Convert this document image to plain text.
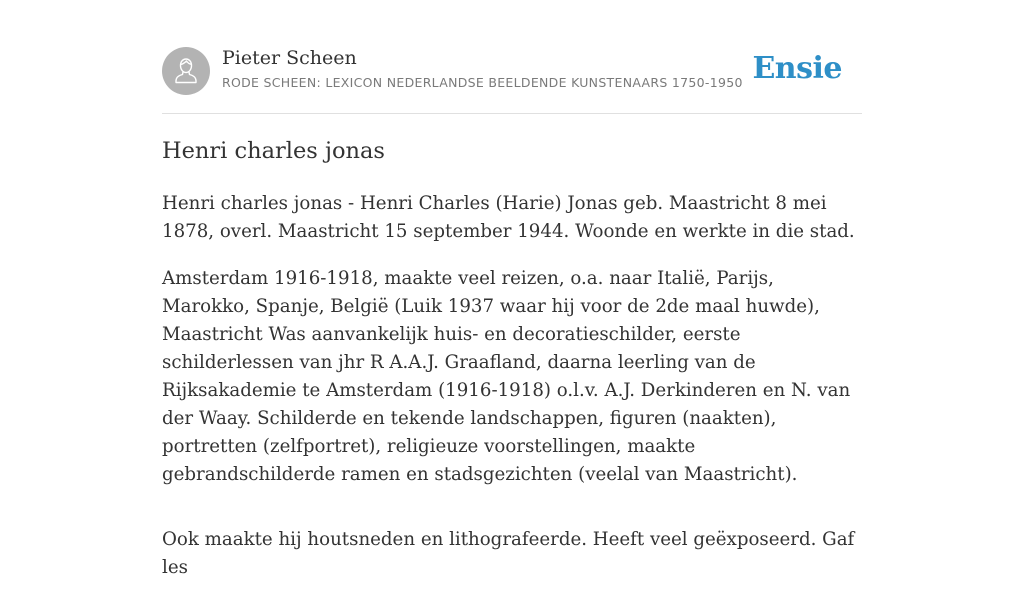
Pieter Scheen
RODE SCHEEN: LEXICON NEDERLANDSE BEELDENDE KUNSTENAARS 1750-1950 Ensie
Henri charles jonas

Henri charles jonas - Henri Charles (Harie) Jonas geb. Maastricht 8 mei 1878, overl. Maastricht 15 september 1944. Woonde en werkte in die stad.

Amsterdam 1916-1918, maakte veel reizen, o.a. naar Italië, Parijs, Marokko, Spanje, België (Luik 1937 waar hij voor de 2de maal huwde), Maastricht Was aanvankelijk huis- en decoratieschilder, eerste schilderlessen van jhr R A.A.J. Graafland, daarna leerling van de Rijksakademie te Amsterdam (1916-1918) o.l.v. A.J. Derkinderen en N. van der Waay. Schilderde en tekende landschappen, figuren (naakten), portretten (zelfportret), religieuze voorstellingen, maakte gebrandschilderde ramen en stadsgezichten (veelal van Maastricht).

Ook maakte hij houtsneden en lithografeerde. Heeft veel geëxposeerd. Gaf les
